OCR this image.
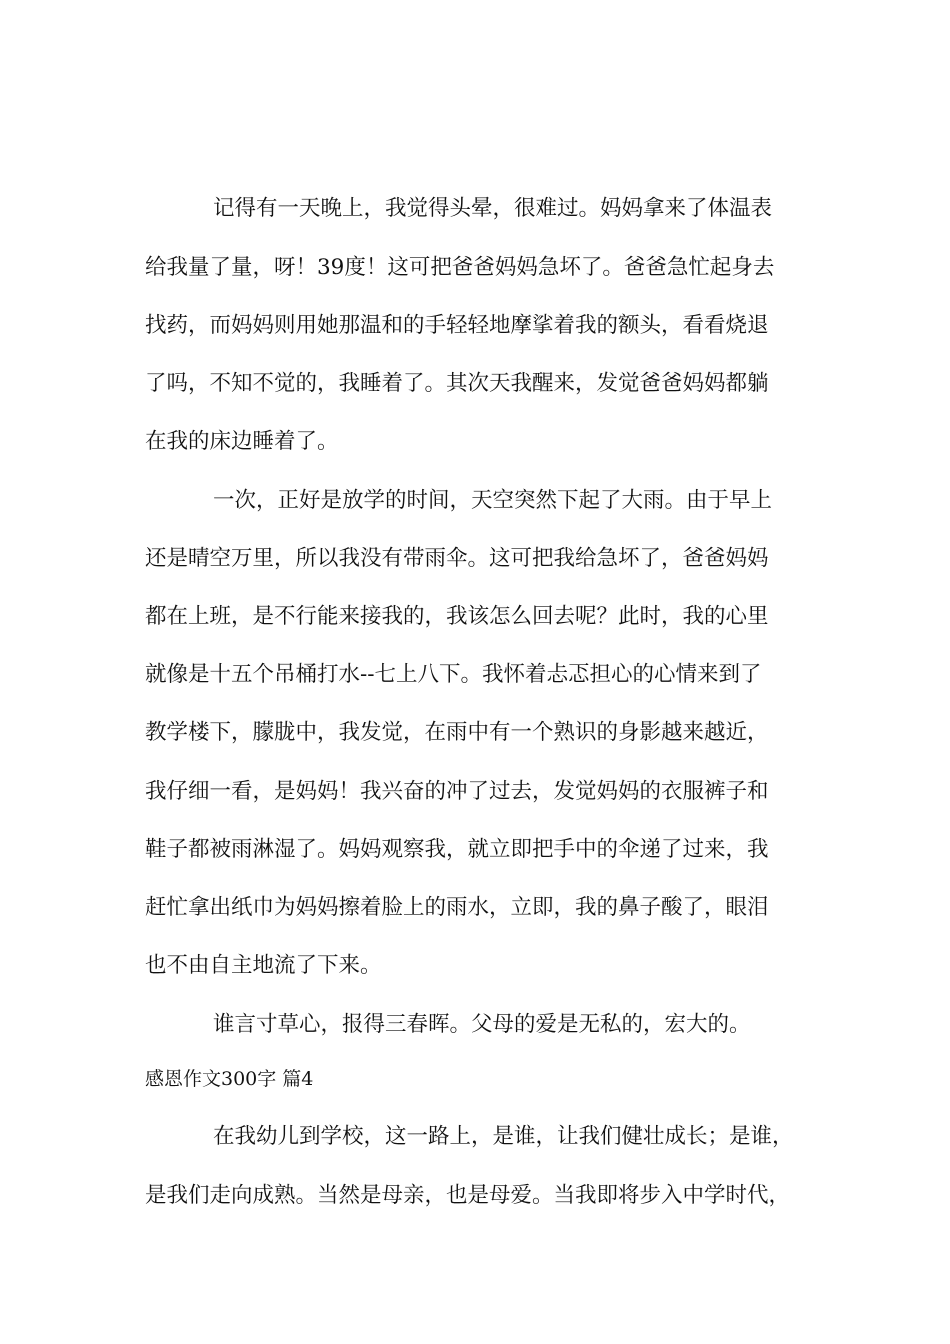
记得有一天晚上，我觉得头晕，很难过。妈妈拿来了体温表
给我量了量，呀！39度！这可把爸爸妈妈急坏了。爸爸急忙起身去
找药，而妈妈则用她那温和的手轻轻地摩挲着我的额头，看看烧退
了吗，不知不觉的，我睡着了。其次天我醒来，发觉爸爸妈妈都躺
在我的床边睡着了。
一次，正好是放学的时间，天空突然下起了大雨。由于早上
还是晴空万里，所以我没有带雨伞。这可把我给急坏了，爸爸妈妈
都在上班，是不行能来接我的，我该怎么回去呢？此时，我的心里
就像是十五个吊桶打水--七上八下。我怀着忐忑担心的心情来到了
教学楼下，朦胧中，我发觉，在雨中有一个熟识的身影越来越近，
我仔细一看，是妈妈！我兴奋的冲了过去，发觉妈妈的衣服裤子和
鞋子都被雨淋湿了。妈妈观察我，就立即把手中的伞递了过来，我
赶忙拿出纸巾为妈妈擦着脸上的雨水，立即，我的鼻子酸了，眼泪
也不由自主地流了下来。
谁言寸草心，报得三春晖。父母的爱是无私的，宏大的。
感恩作文300字 篇4
在我幼儿到学校，这一路上，是谁，让我们健壮成长；是谁，
是我们走向成熟。当然是母亲，也是母爱。当我即将步入中学时代，
